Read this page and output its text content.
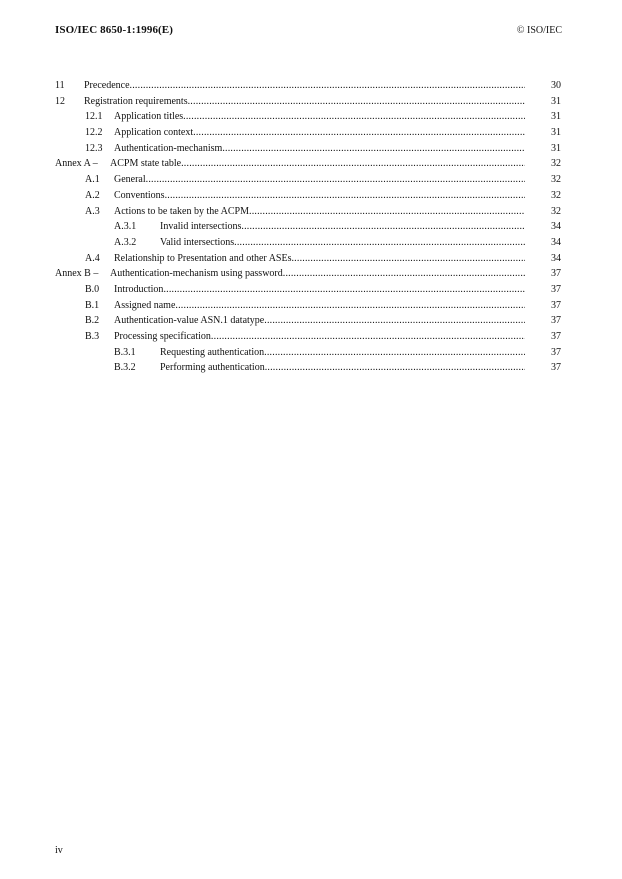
ISO/IEC 8650-1:1996(E)	© ISO/IEC
11 Precedence .....	30
12 Registration requirements .....	31
12.1 Application titles .....	31
12.2 Application context .....	31
12.3 Authentication-mechanism .....	31
Annex A – ACPM state table .....	32
A.1 General .....	32
A.2 Conventions .....	32
A.3 Actions to be taken by the ACPM .....	32
A.3.1 Invalid intersections .....	34
A.3.2 Valid intersections .....	34
A.4 Relationship to Presentation and other ASEs .....	34
Annex B – Authentication-mechanism using password .....	37
B.0 Introduction .....	37
B.1 Assigned name .....	37
B.2 Authentication-value ASN.1 datatype .....	37
B.3 Processing specification .....	37
B.3.1 Requesting authentication .....	37
B.3.2 Performing authentication .....	37
iv
